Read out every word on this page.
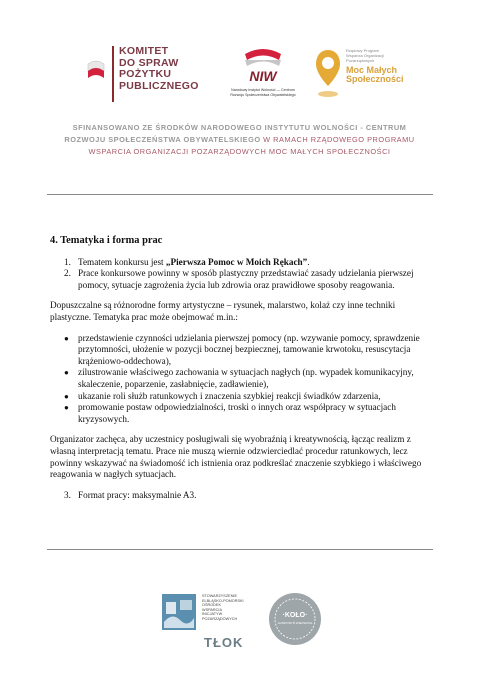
KOMITET
DO SPRAW
POŻYTKU
PUBLICZNEGO
NIW
Narodowy Instytut Wolności — Centrum Rozwoju Społeczeństwa Obywatelskiego
Rządowy Program
Wsparcia Organizacji
Pozarządowych
Moc Małych
Społeczności
SFINANSOWANO ZE ŚRODKÓW NARODOWEGO INSTYTUTU WOLNOŚCI - CENTRUM
ROZWOJU SPOŁECZEŃSTWA OBYWATELSKIEGO W RAMACH RZĄDOWEGO PROGRAMU
WSPARCIA ORGANIZACJI POZARZĄDOWYCH MOC MAŁYCH SPOŁECZNOŚCI
4. Tematyka i forma prac
1. Tematem konkursu jest „Pierwsza Pomoc w Moich Rękach”.
2. Prace konkursowe powinny w sposób plastyczny przedstawiać zasady udzielania pierwszej pomocy, sytuacje zagrożenia życia lub zdrowia oraz prawidłowe sposoby reagowania.

Dopuszczalne są różnorodne formy artystyczne – rysunek, malarstwo, kolaż czy inne techniki plastyczne. Tematyka prac może obejmować m.in.:

● przedstawienie czynności udzielania pierwszej pomocy (np. wzywanie pomocy, sprawdzenie przytomności, ułożenie w pozycji bocznej bezpiecznej, tamowanie krwotoku, resuscytacja krążeniowo-oddechowa),
● zilustrowanie właściwego zachowania w sytuacjach nagłych (np. wypadek komunikacyjny, skaleczenie, poparzenie, zasłabnięcie, zadławienie),
● ukazanie roli służb ratunkowych i znaczenia szybkiej reakcji świadków zdarzenia,
● promowanie postaw odpowiedzialności, troski o innych oraz współpracy w sytuacjach kryzysowych.

Organizator zachęca, aby uczestnicy posługiwali się wyobraźnią i kreatywnością, łącząc realizm z własną interpretacją tematu. Prace nie muszą wiernie odzwierciedlać procedur ratunkowych, lecz powinny wskazywać na świadomość ich istnienia oraz podkreślać znaczenie szybkiego i właściwego reagowania w nagłych sytuacjach.

3. Format pracy: maksymalnie A3.
STOWARZYSZENIE
ELBLĄSKO-POMORSKI
OŚRODEK
WSPARCIA
INICJATYW
POZARZĄDOWYCH
TŁOK
·KOŁO·
GOSPODYŃ WIEJSKICH
